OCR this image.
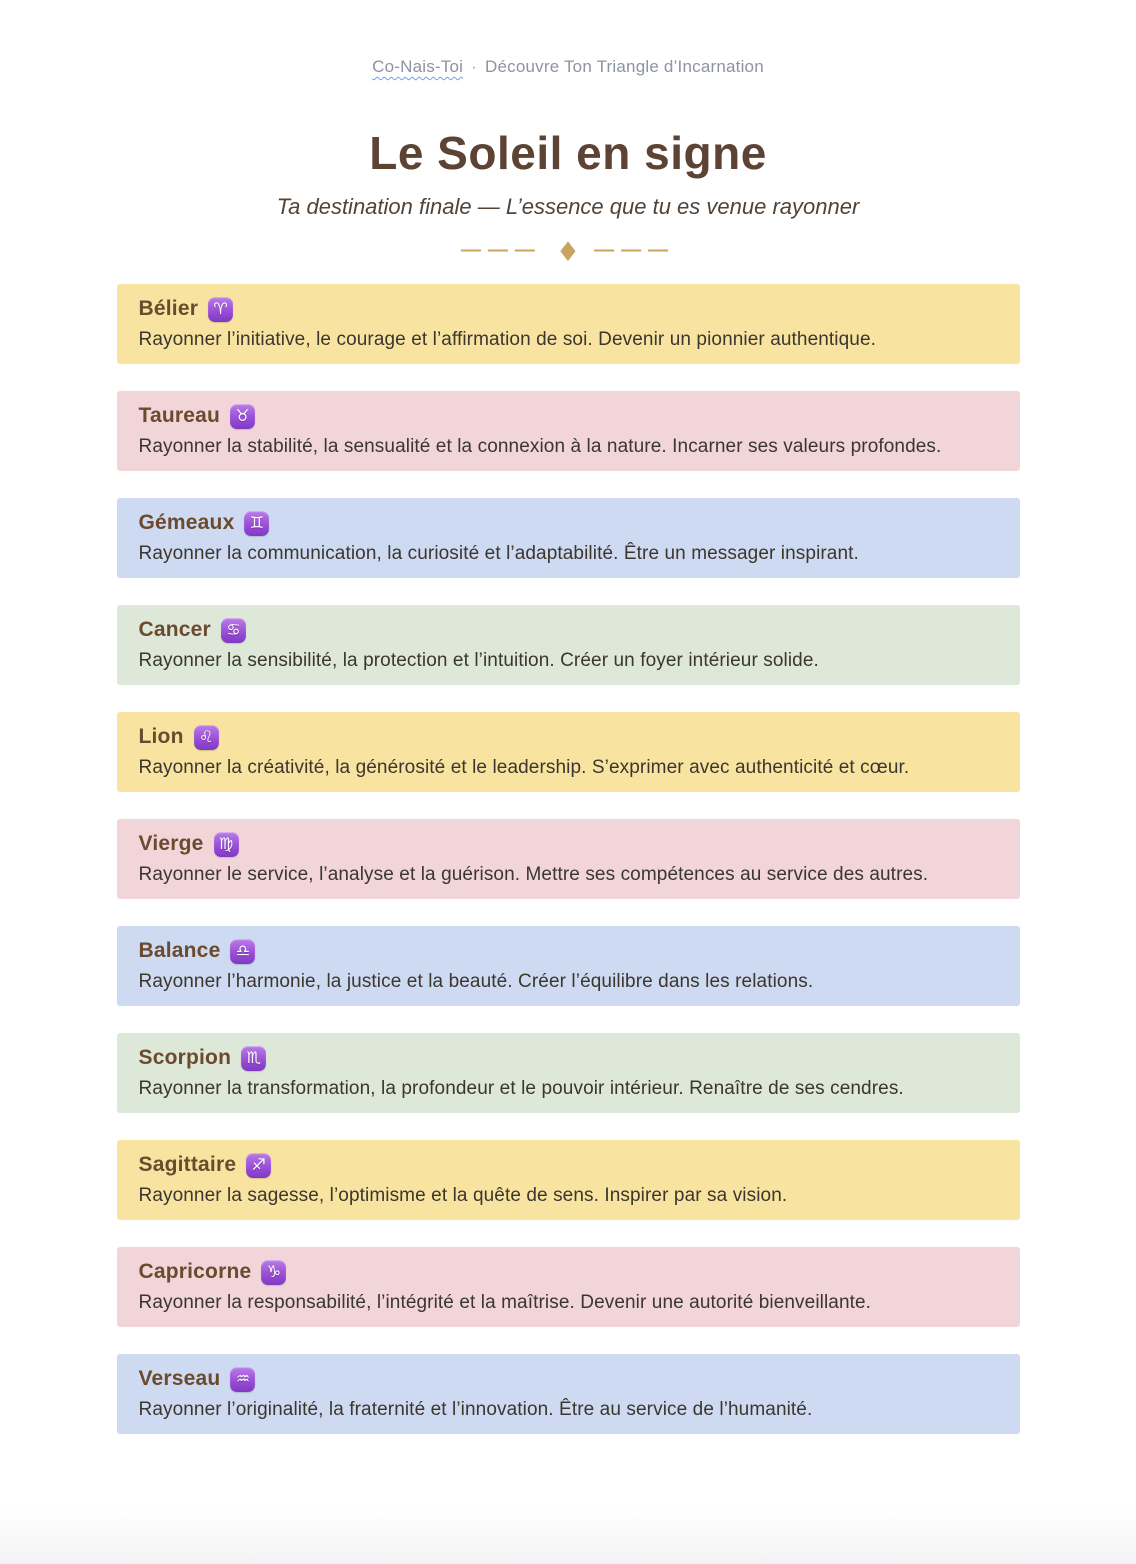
Co-Nais-Toi · Découvre Ton Triangle d’Incarnation
Le Soleil en signe
Ta destination finale — L’essence que tu es venue rayonner
——— ♦ ———
Bélier ♈
Rayonner l’initiative, le courage et l’affirmation de soi. Devenir un pionnier authentique.
Taureau ♉
Rayonner la stabilité, la sensualité et la connexion à la nature. Incarner ses valeurs profondes.
Gémeaux ♊
Rayonner la communication, la curiosité et l’adaptabilité. Être un messager inspirant.
Cancer ♋
Rayonner la sensibilité, la protection et l’intuition. Créer un foyer intérieur solide.
Lion ♌
Rayonner la créativité, la générosité et le leadership. S’exprimer avec authenticité et cœur.
Vierge ♍
Rayonner le service, l’analyse et la guérison. Mettre ses compétences au service des autres.
Balance ♎
Rayonner l’harmonie, la justice et la beauté. Créer l’équilibre dans les relations.
Scorpion ♏
Rayonner la transformation, la profondeur et le pouvoir intérieur. Renaître de ses cendres.
Sagittaire ♐
Rayonner la sagesse, l’optimisme et la quête de sens. Inspirer par sa vision.
Capricorne ♑
Rayonner la responsabilité, l’intégrité et la maîtrise. Devenir une autorité bienveillante.
Verseau ♒
Rayonner l’originalité, la fraternité et l’innovation. Être au service de l’humanité.
